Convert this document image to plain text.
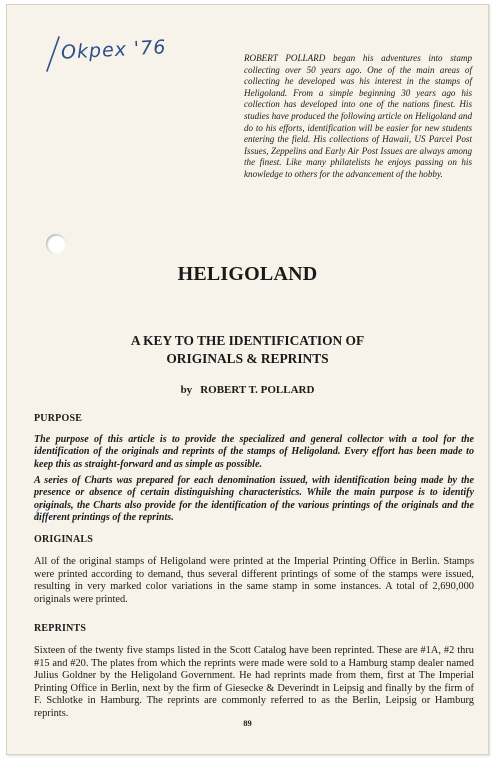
Okpex '76	ROBERT POLLARD began his adventures into stamp collecting over 50 years ago. One of the main areas of collecting he developed was his interest in the stamps of Heligoland. From a simple beginning 30 years ago his collection has developed into one of the nations finest. His studies have produced the following article on Heligoland and do to his efforts, identification will be easier for new students entering the field. His collections of Hawaii, US Parcel Post Issues, Zeppelins and Early Air Post Issues are always among the finest. Like many philatelists he enjoys passing on his knowledge to others for the advancement of the hobby.

HELIGOLAND
A KEY TO THE IDENTIFICATION OF
ORIGINALS & REPRINTS

by ROBERT T. POLLARD

PURPOSE

The purpose of this article is to provide the specialized and general collector with a tool for the identification of the originals and reprints of the stamps of Heligoland. Every effort has been made to keep this as straight-forward and as simple as possible.

A series of Charts was prepared for each denomination issued, with identification being made by the presence or absence of certain distinguishing characteristics. While the main purpose is to identify originals, the Charts also provide for the identification of the various printings of the originals and the different printings of the reprints.

ORIGINALS

All of the original stamps of Heligoland were printed at the Imperial Printing Office in Berlin. Stamps were printed according to demand, thus several different printings of some of the stamps were issued, resulting in very marked color variations in the same stamp in some instances. A total of 2,690,000 originals were printed.

REPRINTS

Sixteen of the twenty five stamps listed in the Scott Catalog have been reprinted. These are #1A, #2 thru #15 and #20. The plates from which the reprints were made were sold to a Hamburg stamp dealer named Julius Goldner by the Heligoland Government. He had reprints made from them, first at The Imperial Printing Office in Berlin, next by the firm of Giesecke & Deverindt in Leipsig and finally by the firm of F. Schlotke in Hamburg. The reprints are commonly referred to as the Berlin, Leipsig or Hamburg reprints.

89
